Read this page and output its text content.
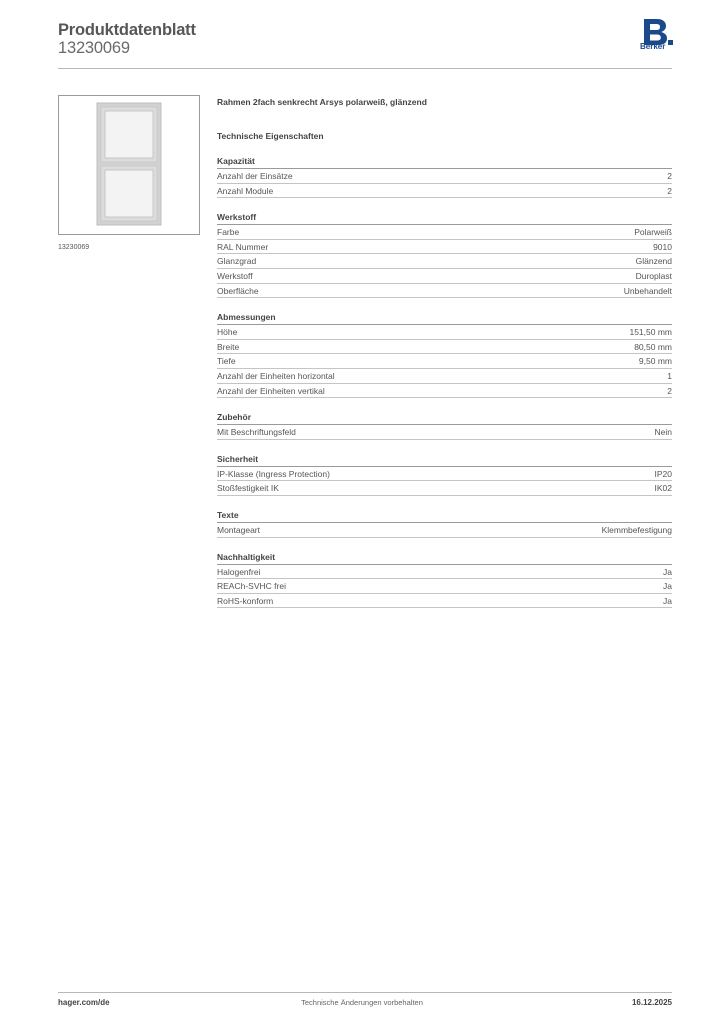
Produktdatenblatt
13230069	Berker
13230069
Rahmen 2fach senkrecht Arsys polarweiß, glänzend
Technische Eigenschaften
Kapazität
Anzahl der Einsätze	2
Anzahl Module	2
Werkstoff
Farbe	Polarweiß
RAL Nummer	9010
Glanzgrad	Glänzend
Werkstoff	Duroplast
Oberfläche	Unbehandelt
Abmessungen
Höhe	151,50 mm
Breite	80,50 mm
Tiefe	9,50 mm
Anzahl der Einheiten horizontal	1
Anzahl der Einheiten vertikal	2
Zubehör
Mit Beschriftungsfeld	Nein
Sicherheit
IP-Klasse (Ingress Protection)	IP20
Stoßfestigkeit IK	IK02
Texte
Montageart	Klemmbefestigung
Nachhaltigkeit
Halogenfrei	Ja
REACh-SVHC frei	Ja
RoHS-konform	Ja
hager.com/de	Technische Änderungen vorbehalten	16.12.2025
